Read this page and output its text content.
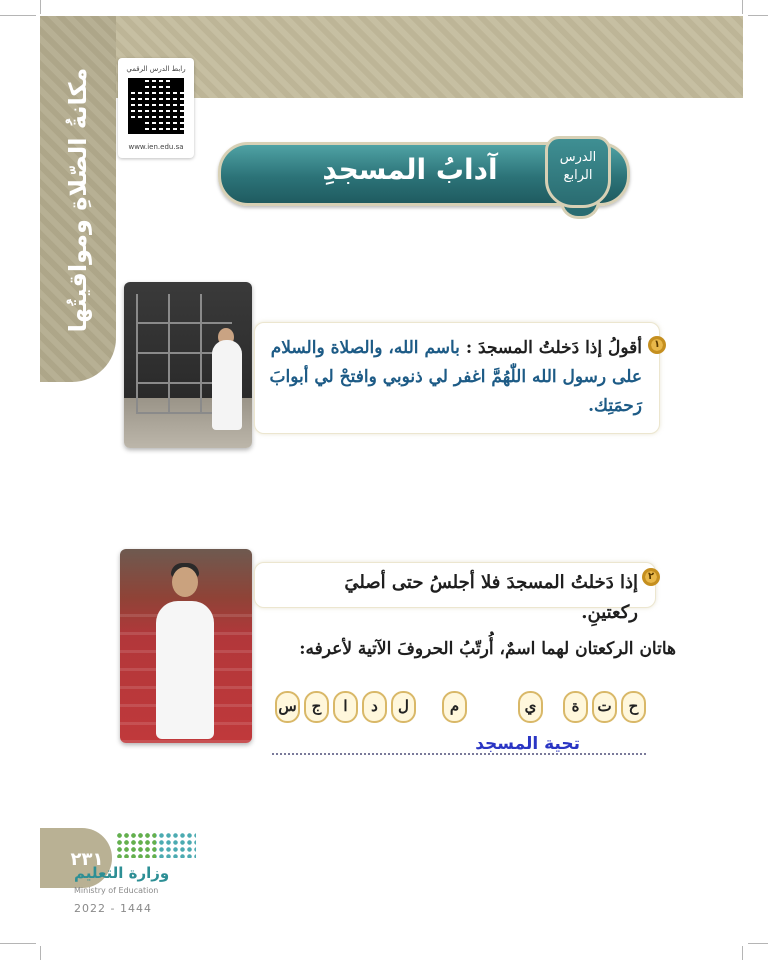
مكانةُ الصّلاةِ ومواقيتُها	رابط الدرس الرقمي
www.ien.edu.sa
آدابُ المسجدِ	الدرس
الرابع
١
أقولُ إذا دَخلتُ المسجدَ : باسم الله، والصلاة والسلام على رسول الله اللّٰهُمَّ اغفر لي ذنوبي وافتحْ لي أبوابَ رَحمَتِك.
٢
إذا دَخلتُ المسجدَ فلا أجلسُ حتى أصليَ ركعتينِ.
هاتان الركعتان لهما اسمٌ، أُرتّبُ الحروفَ الآتية لأعرفه:
ح
ت
ة
ي
م
ل
د
ا
ج
س
تحية المسجد
٢٣١
وزارة التعليم
Ministry of Education
2022 - 1444
